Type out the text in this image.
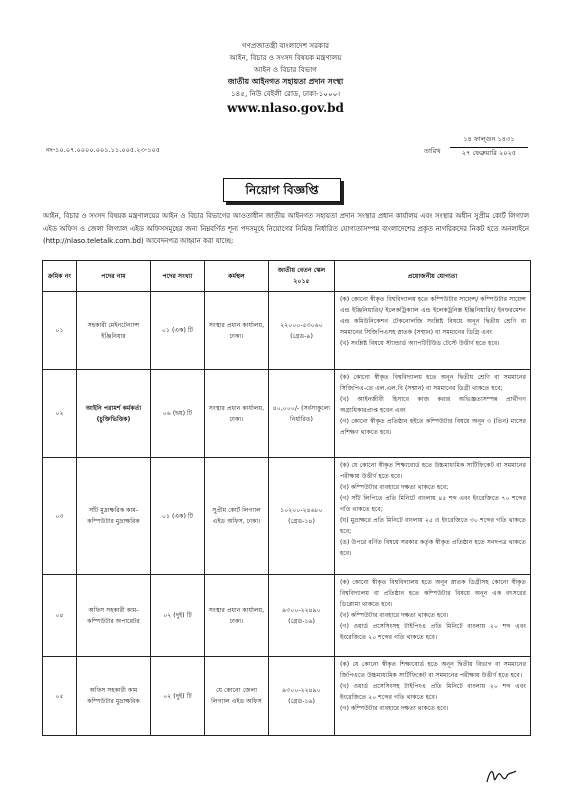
গণপ্রজাতন্ত্রী বাংলাদেশ সরকার
আইন, বিচার ও সংসদ বিষয়ক মন্ত্রণালয়
আইন ও বিচার বিভাগ
জাতীয় আইনগত সহায়তা প্রদান সংস্থা
১৪৫, নিউ বেইলী রোড, ঢাকা-১০০০।
www.nlaso.gov.bd
নং-১০.০৭.০০০০.০০১.১১.০০৫.২৩-১০৫	তারিখ
১৪ ফাল্গুন ১৪৩১
২৭ ফেব্রুয়ারি ২০২৫
নিয়োগ বিজ্ঞপ্তি
আইন, বিচার ও সংসদ বিষয়ক মন্ত্রণালয়ের আইন ও বিচার বিভাগের আওতাধীন জাতীয় আইনগত সহায়তা প্রদান সংস্থার প্রধান কার্যালয় এবং সংস্থার অধীন সুপ্রীম কোর্ট লিগ্যাল এইড অফিস ও জেলা লিগ্যাল এইড অফিসসমূহের জন্য নিম্নবর্ণিত শূন্য পদসমূহে নিয়োগের নিমিত্ত নির্ধারিত যোগ্যতাসম্পন্ন বাংলাদেশের প্রকৃত নাগরিকদের নিকট হতে অনলাইনে (http://nlaso.teletalk.com.bd) আবেদনপত্র আহ্বান করা যাচ্ছে:
ক্রমিক নং	পদের নাম	পদের সংখ্যা	কর্মস্থল	জাতীয় বেতন স্কেল ২০১৫	প্রয়োজনীয় যোগ্যতা
০১	সহকারী মেইনটেন্যান্স ইঞ্জিনিয়ার	০১ (এক) টি	সংস্থার প্রধান কার্যালয়, ঢাকা।	২২০০০-৫৩০৬০ (গ্রেড-৯)	(ক) কোনো স্বীকৃত বিশ্ববিদ্যালয় হতে কম্পিউটার সায়েন্স/ কম্পিউটার সায়েন্স এন্ড ইঞ্জিনিয়ারিং/ ইলেকট্রিক্যাল এন্ড ইলেকট্রনিক্স ইঞ্জিনিয়ারিং/ ইনফরমেশন এন্ড কমিউনিকেশন টেকনোলজি সংশ্লিষ্ট বিষয়ে অনূন দ্বিতীয় শ্রেণি বা সমমানের সিজিপিএসহ স্নাতক (সম্মান) বা সমমানের ডিগ্রি এবং

(খ) সংশ্লিষ্ট বিষয়ে স্ট্যান্ডার্ড অ্যাপটিটিউড টেস্টে উত্তীর্ণ হতে হবে।

০২	আইনি পরামর্শ কর্মকর্তা (চুক্তিভিত্তিক)	০৬ (ছয়) টি	সংস্থার প্রধান কার্যালয়, ঢাকা।	৪০,০০০/- (সর্বসাকুল্যে নির্ধারিত)	(ক) কোনো স্বীকৃত বিশ্ববিদ্যালয় হতে অনূন দ্বিতীয় শ্রেণি বা সমমানের সিজিপিএ-তে এল.এল.বি (সম্মান) বা সমমানের ডিগ্রী থাকতে হবে;

(খ) আইনজীবী হিসাবে কাজ করার অভিজ্ঞতাসম্পন্ন প্রার্থীগণ অগ্রাধিকারপ্রাপ্ত হবেন এবং

(গ) কোনো স্বীকৃত প্রতিষ্ঠান হইতে কম্পিউটার বিষয়ে অনূন ৩ (তিন) মাসের প্রশিক্ষণ থাকতে হবে।

০৩	সাঁট মুদ্রাক্ষরিক কাম-কম্পিউটার মুদ্রাক্ষরিক	০১ (এক) টি	সুপ্রীম কোর্ট লিগ্যাল এইড অফিস, ঢাকা।	১০২০০-২৪৬৮০ (গ্রেড-১৪)	(ক) যে কোনো স্বীকৃত শিক্ষাবোর্ড হতে উচ্চমাধ্যমিক সার্টিফিকেট বা সমমানের পরীক্ষায় উত্তীর্ণ হতে হবে।

(খ) কম্পিউটার ব্যবহারে দক্ষতা থাকতে হবে;

(গ) সাঁট লিপিতে প্রতি মিনিটে বাংলায় ৪৫ শব্দ এবং ইংরেজিতে ৭০ শব্দের গতি থাকতে হবে;

(ঘ) মুদ্রাক্ষরে প্রতি মিনিটে বাংলায় ২৫ ও ইংরেজিতে ৩০ শব্দের গতি থাকতে হবে;

(ঙ) উপরে বর্ণিত বিষয়ে সরকার কর্তৃক স্বীকৃত প্রতিষ্ঠান হতে সনদপত্র থাকতে হবে।

০৪	অফিস সহকারী কাম-কম্পিউটার অপারেটর	০২ (দুই) টি	সংস্থার প্রধান কার্যালয়, ঢাকা।	৯৩০০-২২৪৯০ (গ্রেড-১৬)	(ক) কোনো স্বীকৃত বিশ্ববিদ্যালয় হতে অনূন স্নাতক ডিগ্রীসহ কোনো স্বীকৃত বিশ্ববিদ্যালয় বা প্রতিষ্ঠান হতে কম্পিউটার বিষয়ে অনূন এক বৎসরের ডিপ্লোমা থাকতে হবে।

(খ) কম্পিউটার ব্যবহারে দক্ষতা থাকতে হবে।

(গ) ওয়ার্ড প্রসেসিংসহ টাইপিংএ প্রতি মিনিটে বাংলায় ২০ শব্দ এবং ইংরেজিতে ২০ শব্দের গতি থাকতে হবে।

০৫	অফিস সহকারী কাম কম্পিউটার মুদ্রাক্ষরিক	০২ (দুই) টি	যে কোনো জেলা লিগ্যাল এইড অফিস	৯৩০০-২২৪৯০ (গ্রেড-১৬)	(ক) যে কোনো স্বীকৃত শিক্ষাবোর্ড হতে অনূন দ্বিতীয় বিভাগ বা সমমানের জিপিএতে উচ্চমাধ্যমিক সার্টিফিকেট বা সমমানের পরীক্ষায় উত্তীর্ণ হতে হবে।

(খ) ওয়ার্ড প্রসেসিংসহ টাইপিংএ প্রতি মিনিটে বাংলায় ২০ শব্দ এবং ইংরেজিতে ২০ শব্দের গতি থাকতে হবে।

(গ) কম্পিউটার ব্যবহারে দক্ষতা থাকতে হবে।
